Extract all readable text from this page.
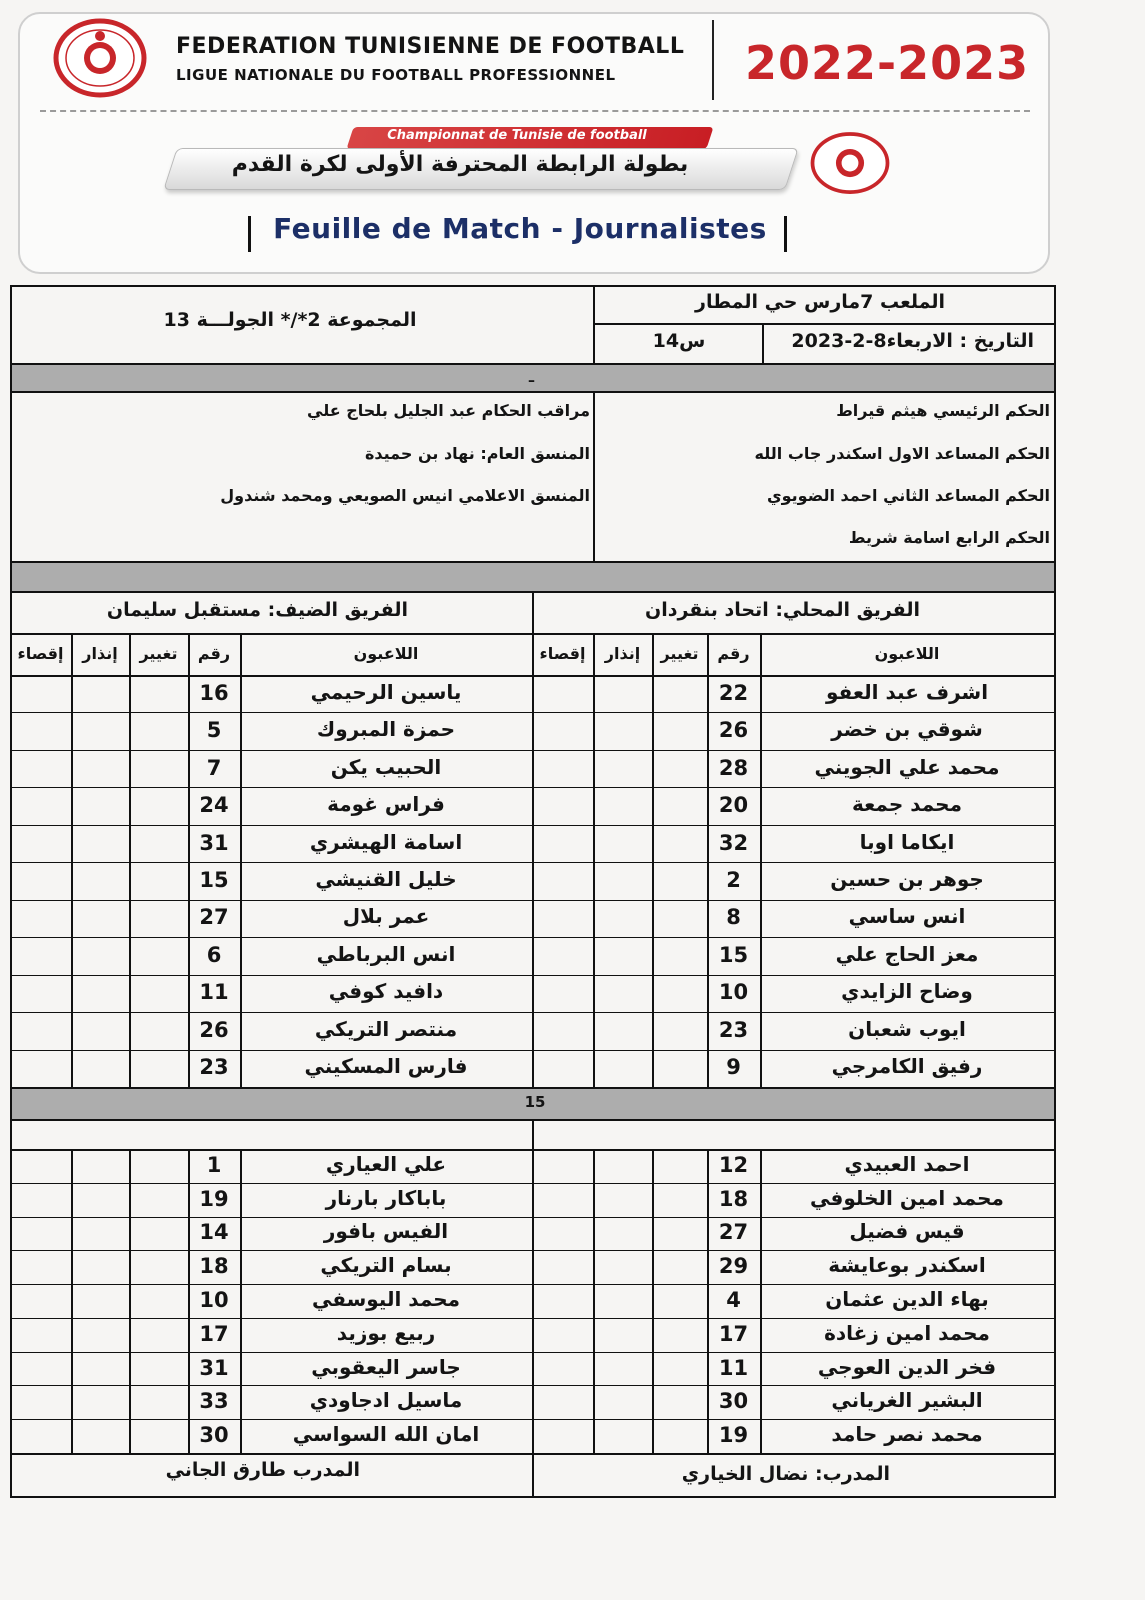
FEDERATION TUNISIENNE DE FOOTBALL
LIGUE NATIONALE DU FOOTBALL PROFESSIONNEL	2022-2023
Championnat de Tunisie de football
بطولة الرابطة المحترفة الأولى لكرة القدم
Feuille de Match - Journalistes
الملعب 7مارس حي المطار
التاريخ : الاربعاء8-2-2023
س14
المجموعة 2*/* الجولـــة 13
–
الحكم الرئيسي هيثم قيراط
الحكم المساعد الاول اسكندر جاب الله
الحكم المساعد الثاني احمد الضويوي
الحكم الرابع اسامة شريط
مراقب الحكام عبد الجليل بلحاج علي
المنسق العام: نهاد بن حميدة
المنسق الاعلامي انيس الصويعي ومحمد شندول
الفريق المحلي: اتحاد بنقردان
الفريق الضيف: مستقبل سليمان
15
إقصاء	إنذار	تغيير	رقم	اللاعبون
إقصاء	إنذار	تغيير	رقم	اللاعبون
22	اشرف عبد العفو
26	شوقي بن خضر
28	محمد علي الجويني
20	محمد جمعة
32	ايكاما اوبا
2	جوهر بن حسين
8	انس ساسي
15	معز الحاج علي
10	وضاح الزايدي
23	ايوب شعبان
9	رفيق الكامرجي
16	ياسين الرحيمي
5	حمزة المبروك
7	الحبيب يكن
24	فراس غومة
31	اسامة الهيشري
15	خليل القنيشي
27	عمر بلال
6	انس البرباطي
11	دافيد كوفي
26	منتصر التريكي
23	فارس المسكيني
12	احمد العبيدي
18	محمد امين الخلوفي
27	قيس فضيل
29	اسكندر بوعايشة
4	بهاء الدين عثمان
17	محمد امين زغادة
11	فخر الدين العوجي
30	البشير الغرياني
19	محمد نصر حامد
1	علي العياري
19	باباكار بارنار
14	الفيس بافور
18	بسام التريكي
10	محمد اليوسفي
17	ربيع بوزيد
31	جاسر اليعقوبي
33	ماسيل ادجاودي
30	امان الله السواسي
المدرب: نضال الخياري
المدرب طارق الجاني
